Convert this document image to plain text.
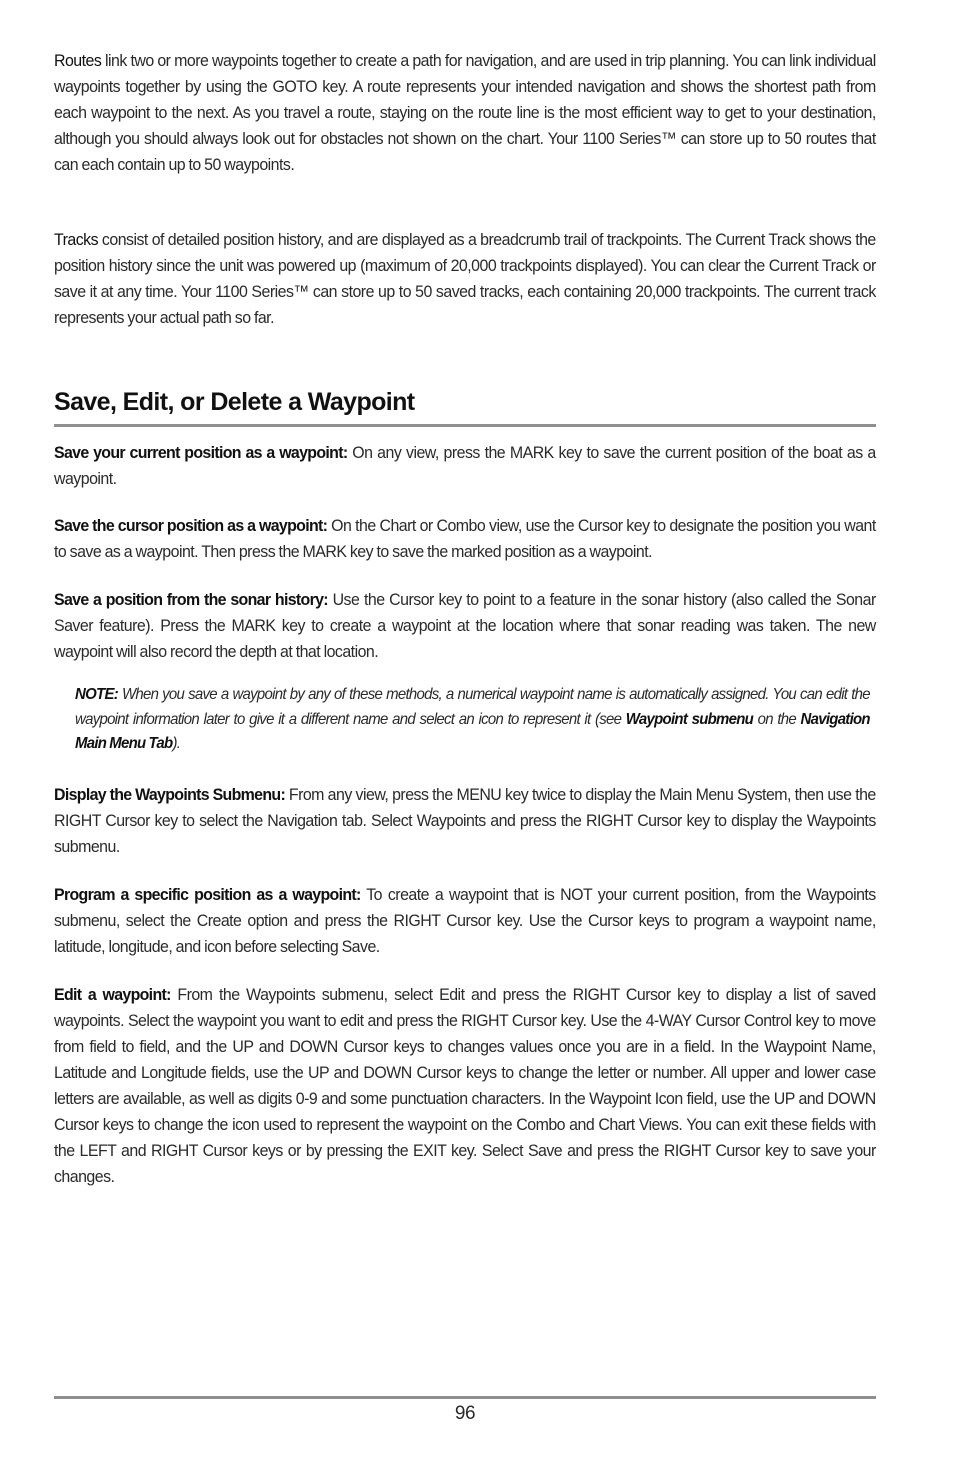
Routes link two or more waypoints together to create a path for navigation, and are used in trip planning. You can link individual waypoints together by using the GOTO key. A route represents your intended navigation and shows the shortest path from each waypoint to the next. As you travel a route, staying on the route line is the most efficient way to get to your destination, although you should always look out for obstacles not shown on the chart. Your 1100 Series™ can store up to 50 routes that can each contain up to 50 waypoints.

Tracks consist of detailed position history, and are displayed as a breadcrumb trail of trackpoints. The Current Track shows the position history since the unit was powered up (maximum of 20,000 trackpoints displayed). You can clear the Current Track or save it at any time. Your 1100 Series™ can store up to 50 saved tracks, each containing 20,000 trackpoints. The current track represents your actual path so far.

Save, Edit, or Delete a Waypoint

Save your current position as a waypoint: On any view, press the MARK key to save the current position of the boat as a waypoint.

Save the cursor position as a waypoint: On the Chart or Combo view, use the Cursor key to designate the position you want to save as a waypoint. Then press the MARK key to save the marked position as a waypoint.

Save a position from the sonar history: Use the Cursor key to point to a feature in the sonar history (also called the Sonar Saver feature). Press the MARK key to create a waypoint at the location where that sonar reading was taken. The new waypoint will also record the depth at that location.

NOTE: When you save a waypoint by any of these methods, a numerical waypoint name is automatically assigned. You can edit the waypoint information later to give it a different name and select an icon to represent it (see Waypoint submenu on the Navigation Main Menu Tab).

Display the Waypoints Submenu: From any view, press the MENU key twice to display the Main Menu System, then use the RIGHT Cursor key to select the Navigation tab. Select Waypoints and press the RIGHT Cursor key to display the Waypoints submenu.

Program a specific position as a waypoint: To create a waypoint that is NOT your current position, from the Waypoints submenu, select the Create option and press the RIGHT Cursor key. Use the Cursor keys to program a waypoint name, latitude, longitude, and icon before selecting Save.

Edit a waypoint: From the Waypoints submenu, select Edit and press the RIGHT Cursor key to display a list of saved waypoints. Select the waypoint you want to edit and press the RIGHT Cursor key. Use the 4-WAY Cursor Control key to move from field to field, and the UP and DOWN Cursor keys to changes values once you are in a field. In the Waypoint Name, Latitude and Longitude fields, use the UP and DOWN Cursor keys to change the letter or number. All upper and lower case letters are available, as well as digits 0-9 and some punctuation characters. In the Waypoint Icon field, use the UP and DOWN Cursor keys to change the icon used to represent the waypoint on the Combo and Chart Views. You can exit these fields with the LEFT and RIGHT Cursor keys or by pressing the EXIT key. Select Save and press the RIGHT Cursor key to save your changes.

96
